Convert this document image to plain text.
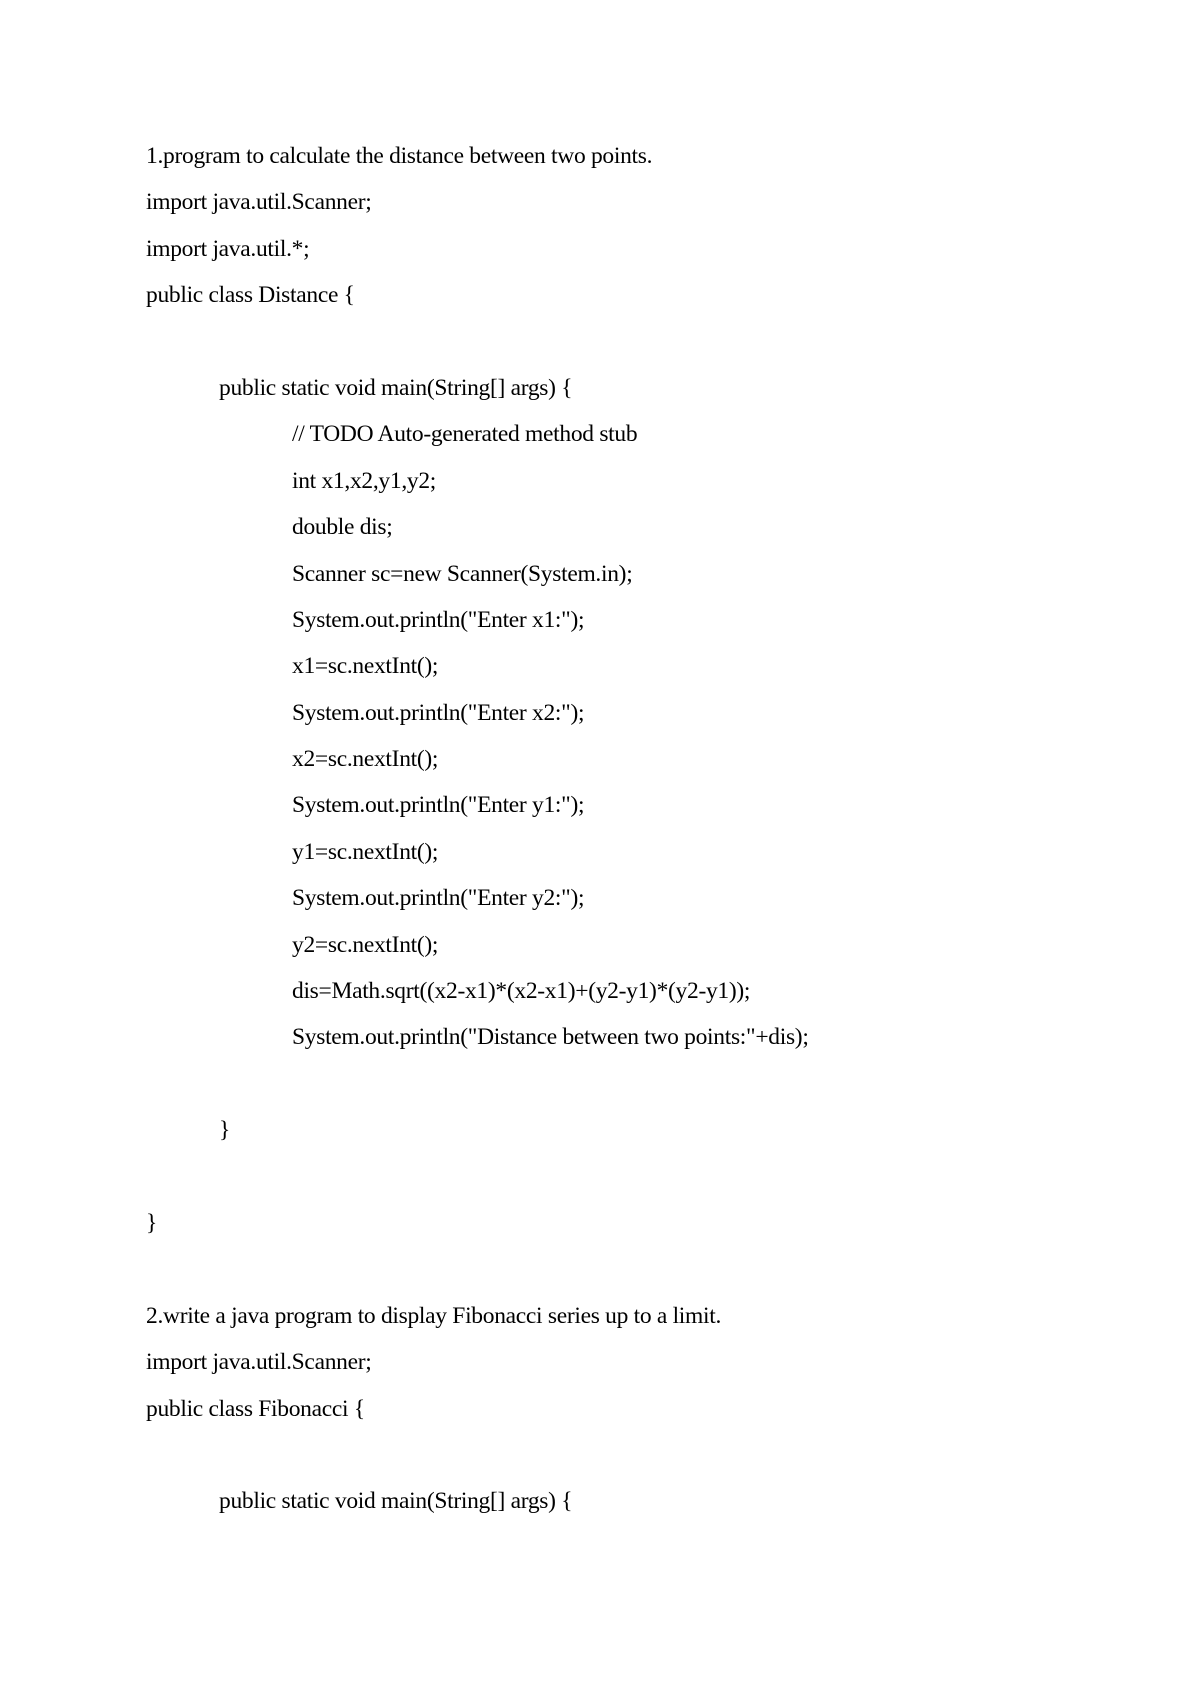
1.program to calculate the distance between two points.
import java.util.Scanner;
import java.util.*;
public class Distance {
public static void main(String[] args) {
// TODO Auto-generated method stub
int x1,x2,y1,y2;
double dis;
Scanner sc=new Scanner(System.in);
System.out.println("Enter x1:");
x1=sc.nextInt();
System.out.println("Enter x2:");
x2=sc.nextInt();
System.out.println("Enter y1:");
y1=sc.nextInt();
System.out.println("Enter y2:");
y2=sc.nextInt();
dis=Math.sqrt((x2-x1)*(x2-x1)+(y2-y1)*(y2-y1));
System.out.println("Distance between two points:"+dis);
}
}
2.write a java program to display Fibonacci series up to a limit.
import java.util.Scanner;
public class Fibonacci {
public static void main(String[] args) {
